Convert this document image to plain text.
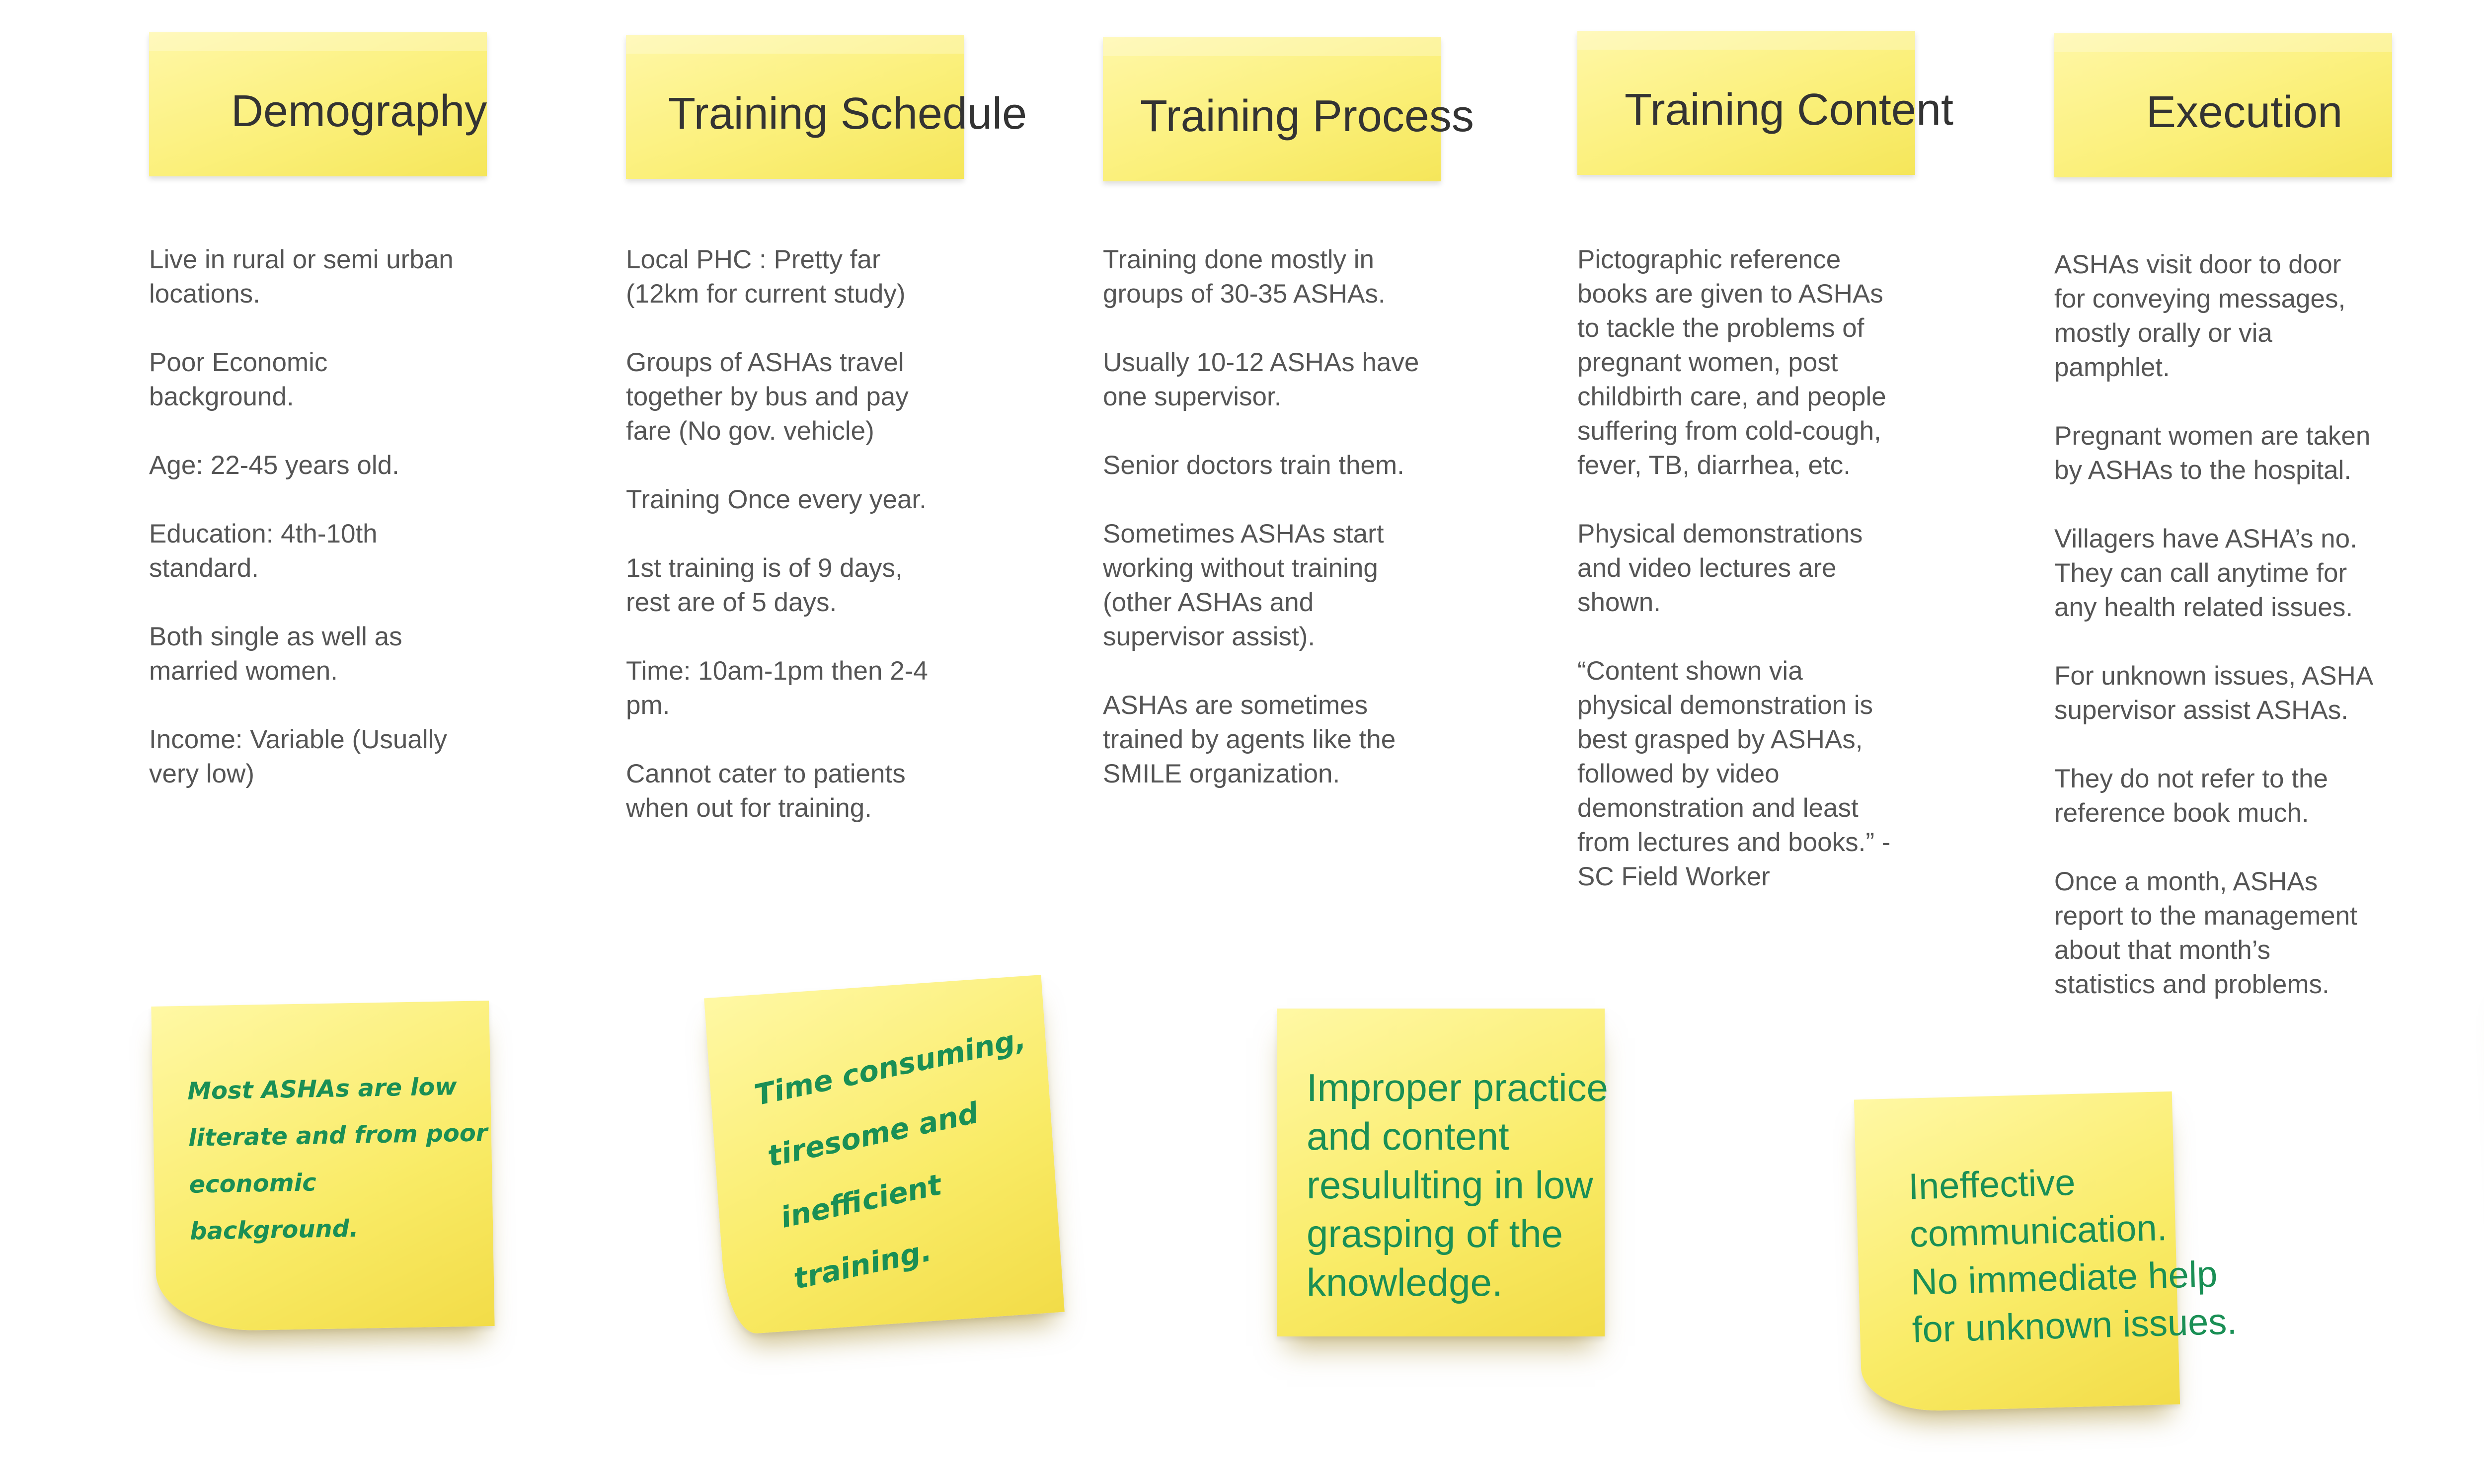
Demography

Live in rural or semi urban locations.

Poor Economic background.

Age: 22-45 years old.

Education: 4th-10th standard.

Both single as well as married women.

Income: Variable (Usually very low)

Training Schedule

Local PHC : Pretty far (12km for current study)

Groups of ASHAs travel together by bus and pay fare (No gov. vehicle)

Training Once every year.

1st training is of 9 days, rest are of 5 days.

Time: 10am-1pm then 2-4 pm.

Cannot cater to patients when out for training.

Training Process

Training done mostly in groups of 30-35 ASHAs.

Usually 10-12 ASHAs have one supervisor.

Senior doctors train them.

Sometimes ASHAs start working without training (other ASHAs and supervisor assist).

ASHAs are sometimes trained by agents like the SMILE organization.

Training Content

Pictographic reference books are given to ASHAs to tackle the problems of pregnant women, post childbirth care, and people suffering from cold-cough, fever, TB, diarrhea, etc.

Physical demonstrations and video lectures are shown.

“Content shown via physical demonstration is best grasped by ASHAs, followed by video demonstration and least from lectures and books.” - SC Field Worker

Execution

ASHAs visit door to door for conveying messages, mostly orally or via pamphlet.

Pregnant women are taken by ASHAs to the hospital.

Villagers have ASHA’s no. They can call anytime for any health related issues.

For unknown issues, ASHA supervisor assist ASHAs.

They do not refer to the reference book much.

Once a month, ASHAs report to the management about that month’s statistics and problems.

Most ASHAs are low
literate and from poor
economic background.
Time consuming,
tiresome and
inefficient
training.
Improper practice
and content
resululting in low
grasping of the
knowledge.
Ineffective
communication.
No immediate help
for unknown issues.
